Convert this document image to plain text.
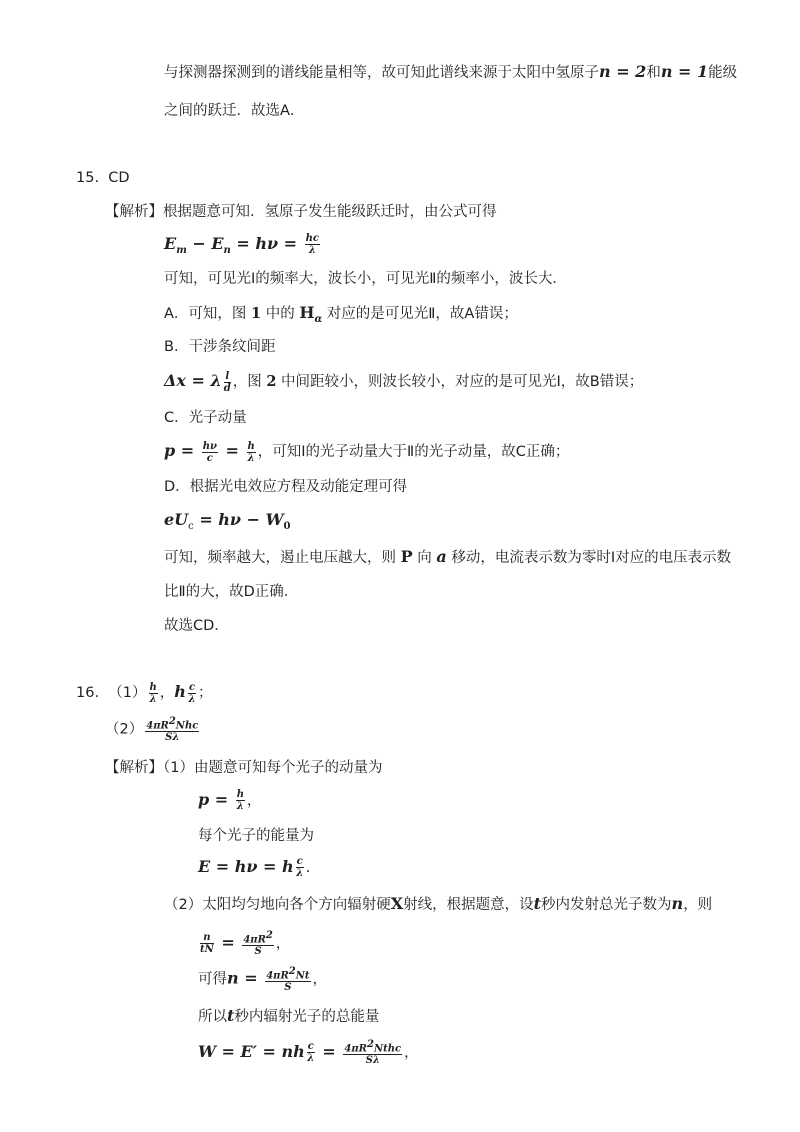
与探测器探测到的谱线能量相等，故可知此谱线来源于太阳中氢原子n = 2和n = 1能级
之间的跃迁．故选A．
15. CD
【解析】根据题意可知．氢原子发生能级跃迁时，由公式可得
$E_m - E_n = h\nu = \frac{hc}{\lambda}$
可知，可见光Ⅰ的频率大，波长小，可见光Ⅱ的频率小，波长大．
A．可知，图 1 中的 $H_\alpha$ 对应的是可见光Ⅱ，故A错误；
B．干涉条纹间距
Δx = λ $\frac{l}{d}$ ，图 2 中间距较小，则波长较小，对应的是可见光Ⅰ，故B错误；
C．光子动量
$p = \frac{h\nu}{c} = \frac{h}{\lambda}$ ，可知Ⅰ的光子动量大于Ⅱ的光子动量，故C正确；
D．根据光电效应方程及动能定理可得
$eU_c = h\nu - W_0$
可知，频率越大，遏止电压越大，则 P 向 a 移动，电流表示数为零时Ⅰ对应的电压表示数
比Ⅱ的大，故D正确．
故选CD．
16. $(1) \frac{h}{\lambda}$ ，h $\frac{c}{\lambda}$ ；
$(2) \frac{4\pi R^2Nhc}{S\lambda}$
【解析】（1）由题意可知每个光子的动量为
$p = \frac{h}{\lambda}$ ，
每个光子的能量为
E = hν = h $\frac{c}{\lambda}$ ．
（2）太阳均匀地向各个方向辐射硬X射线，根据题意，设t秒内发射总光子数为n，则
$\frac{n}{tN} = \frac{4\pi R^2}{S}$ ，
可得$n = \frac{4\pi R^2Nt}{S}$ ，
所以t秒内辐射光子的总能量
W = E′ = nh $\frac{c}{\lambda} = \frac{4\pi R^2Nthc}{S\lambda}$ ，
